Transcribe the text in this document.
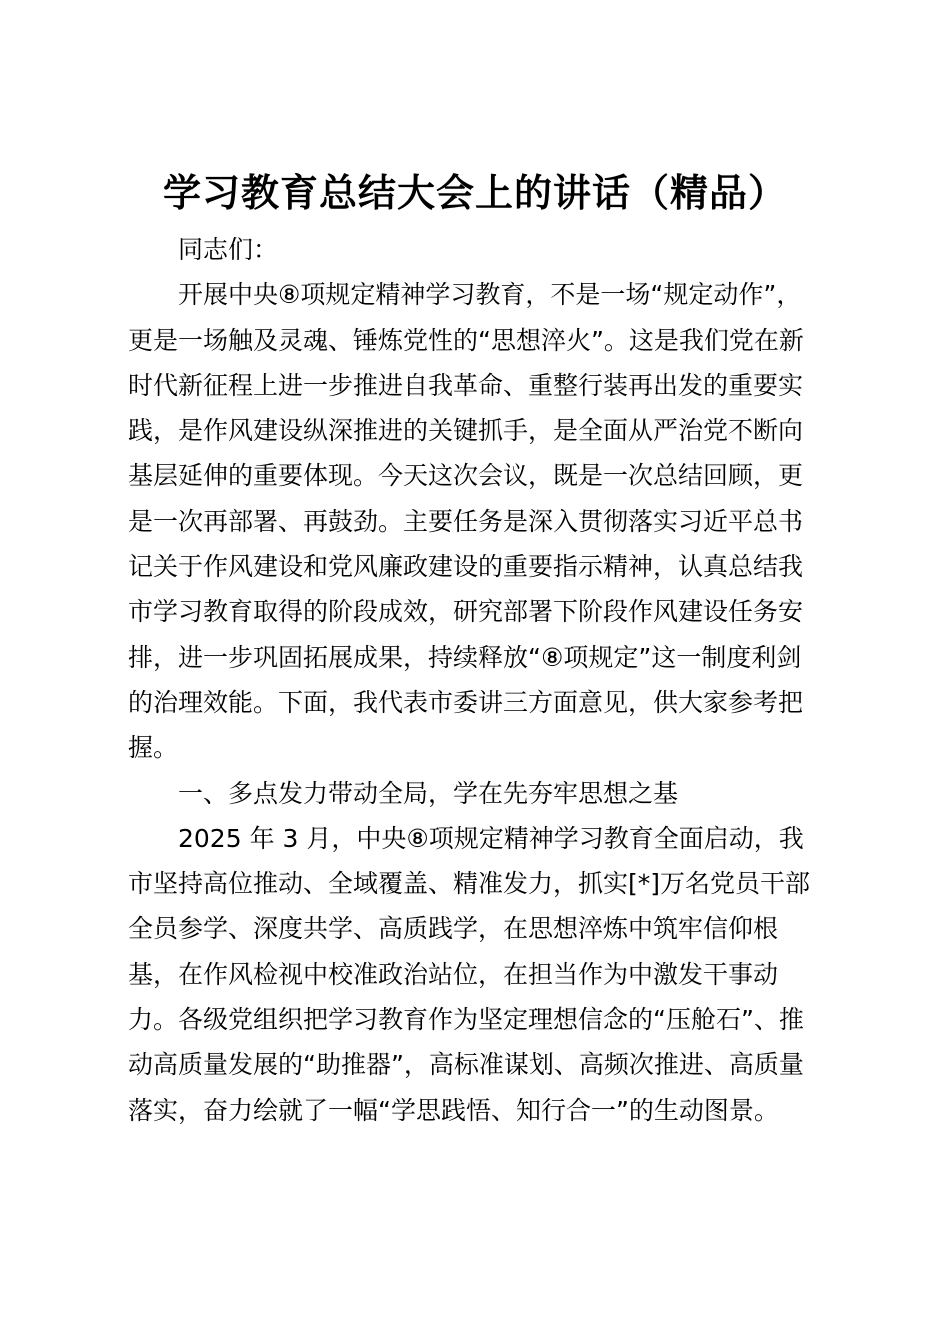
学习教育总结大会上的讲话（精品）

同志们：

开展中央⑧项规定精神学习教育，不是一场“规定动作”，
更是一场触及灵魂、锤炼党性的“思想淬火”。这是我们党在新
时代新征程上进一步推进自我革命、重整行装再出发的重要实
践，是作风建设纵深推进的关键抓手，是全面从严治党不断向
基层延伸的重要体现。今天这次会议，既是一次总结回顾，更
是一次再部署、再鼓劲。主要任务是深入贯彻落实习近平总书
记关于作风建设和党风廉政建设的重要指示精神，认真总结我
市学习教育取得的阶段成效，研究部署下阶段作风建设任务安
排，进一步巩固拓展成果，持续释放“⑧项规定”这一制度利剑
的治理效能。下面，我代表市委讲三方面意见，供大家参考把
握。

一、多点发力带动全局，学在先夯牢思想之基

2025 年 3 月，中央⑧项规定精神学习教育全面启动，我
市坚持高位推动、全域覆盖、精准发力，抓实[*]万名党员干部
全员参学、深度共学、高质践学，在思想淬炼中筑牢信仰根
基，在作风检视中校准政治站位，在担当作为中激发干事动
力。各级党组织把学习教育作为坚定理想信念的“压舱石”、推
动高质量发展的“助推器”，高标准谋划、高频次推进、高质量
落实，奋力绘就了一幅“学思践悟、知行合一”的生动图景。
